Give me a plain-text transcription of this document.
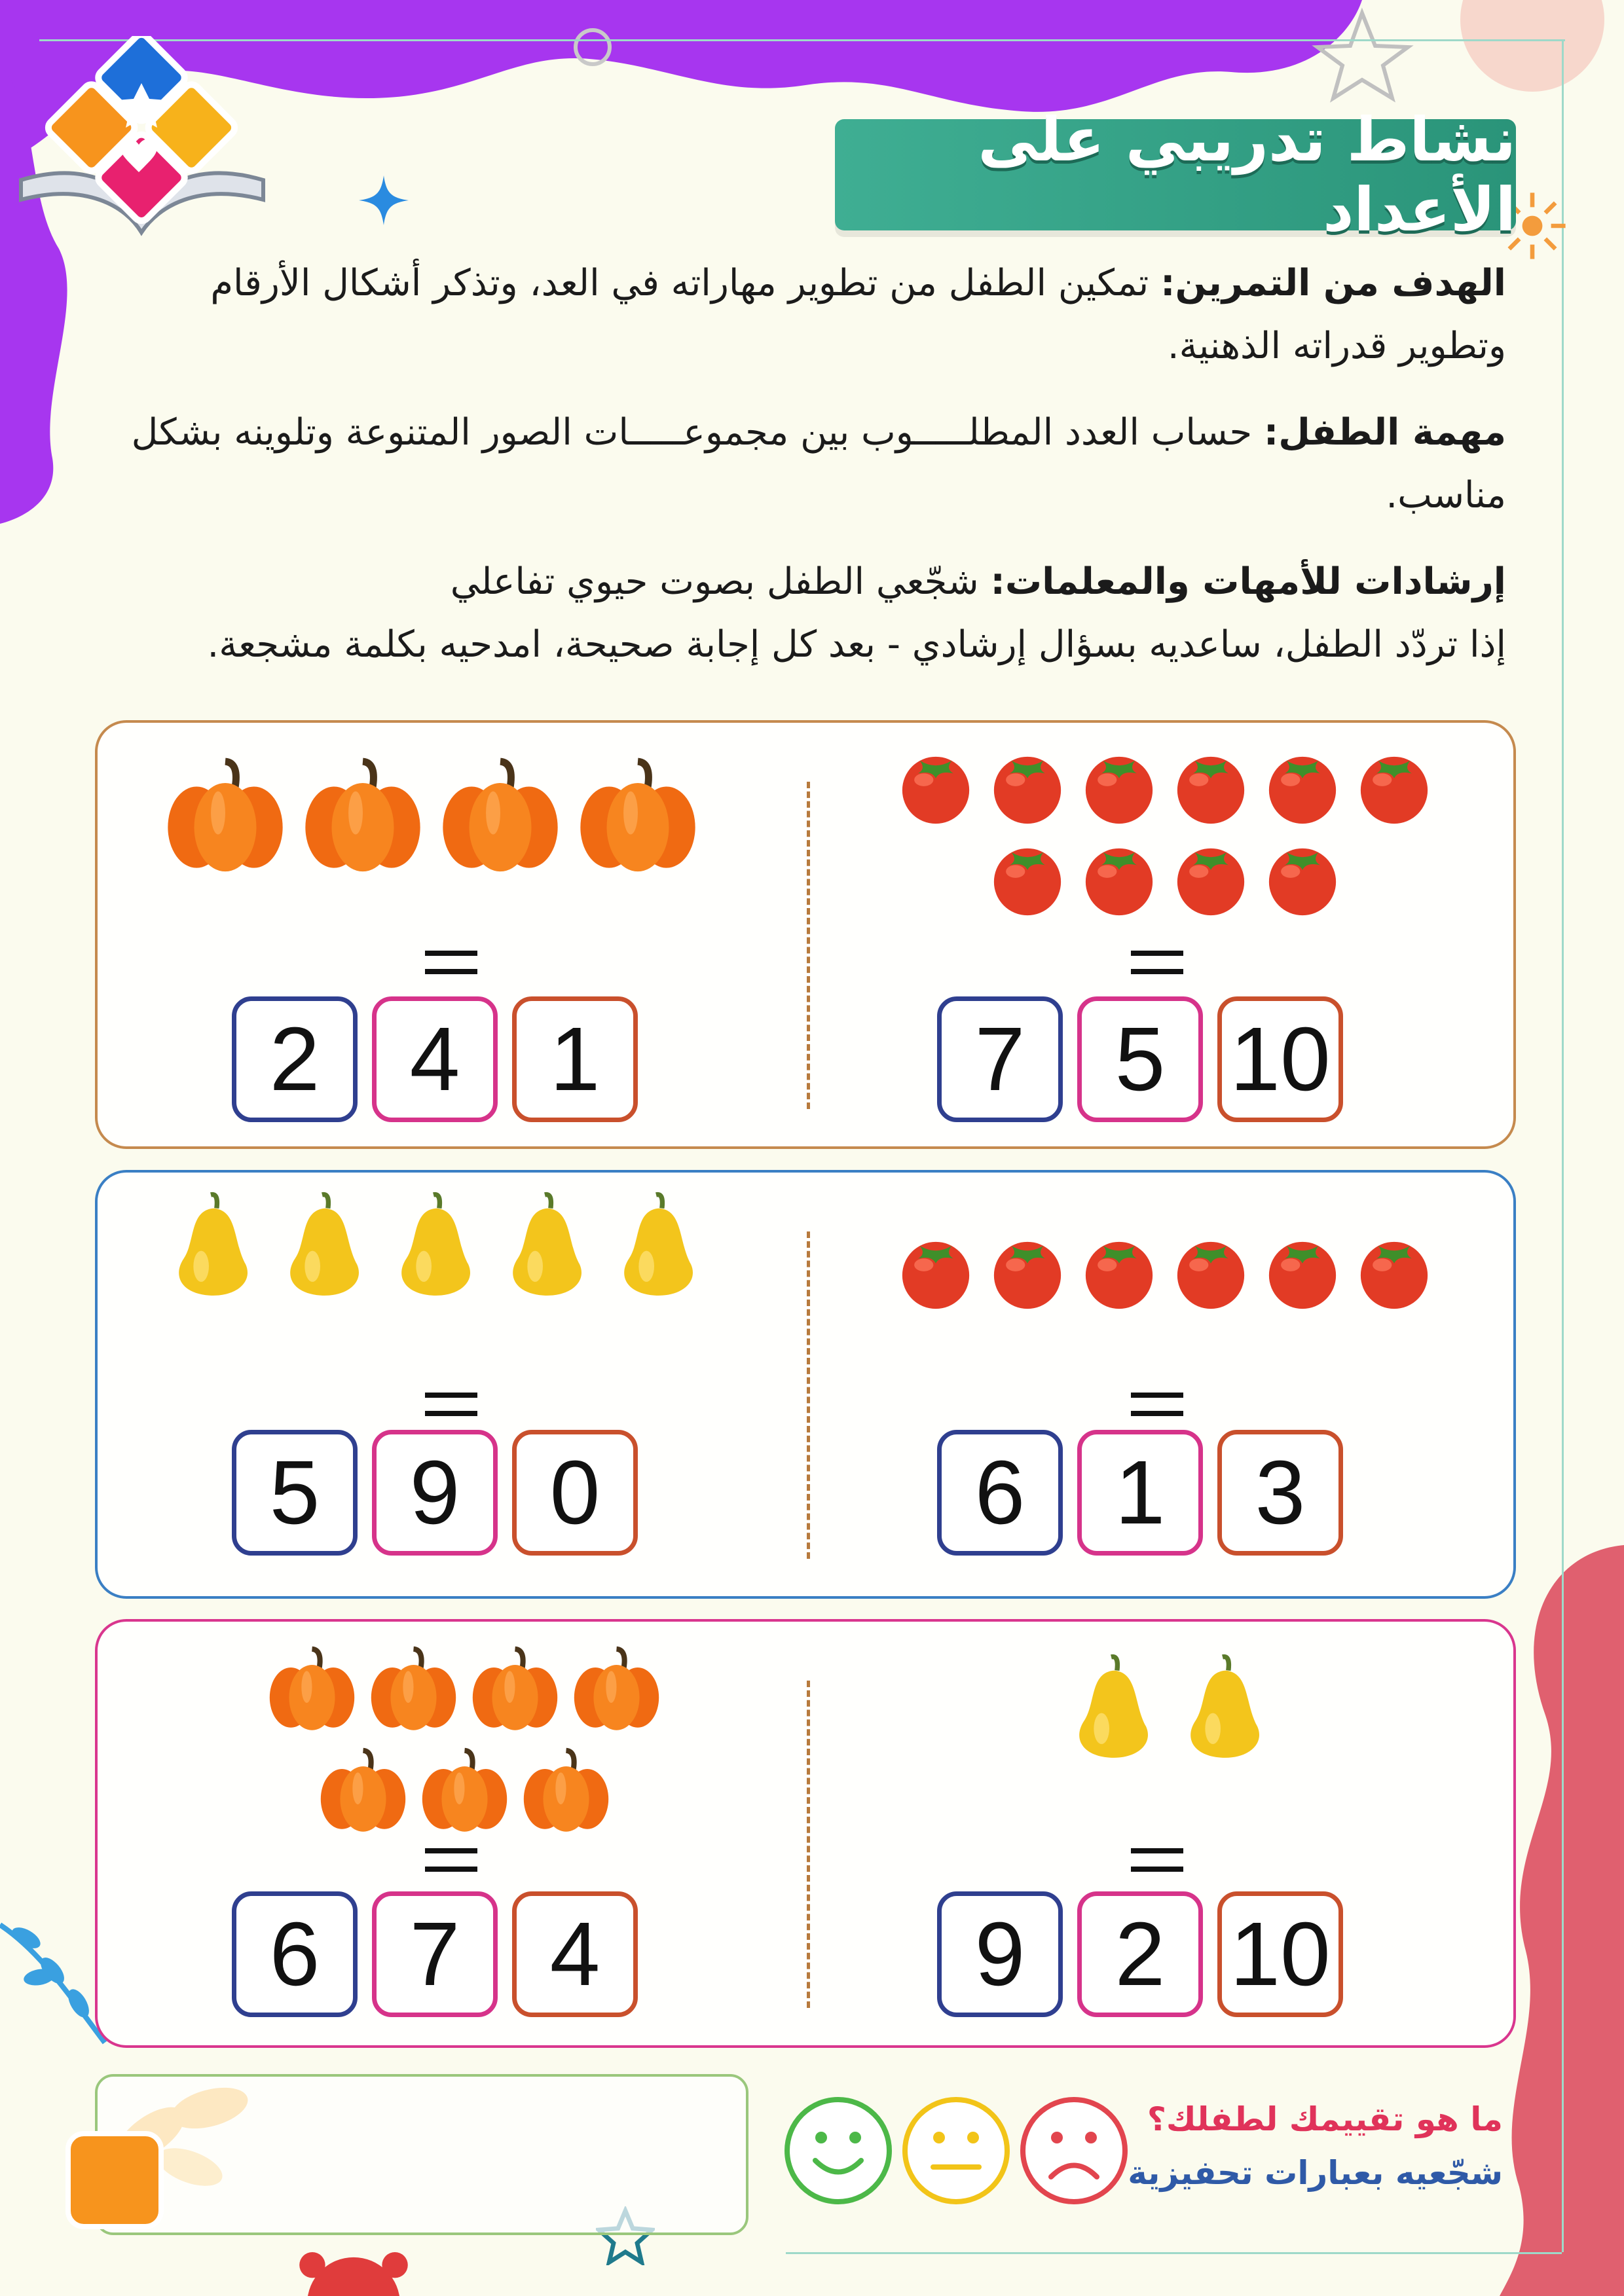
نشاط تدريبي على الأعداد

الهدف من التمرين: تمكين الطفل من تطوير مهاراته في العد، وتذكر أشكال الأرقام وتطوير قدراته الذهنية.

مهمة الطفل: حساب العدد المطلـــــوب بين مجموعـــــات الصور المتنوعة وتلوينه بشكل مناسب.

إرشادات للأمهات والمعلمات: شجّعي الطفل بصوت حيوي تفاعلي
إذا تردّد الطفل، ساعديه بسؤال إرشادي - بعد كل إجابة صحيحة، امدحيه بكلمة مشجعة.

7 5 10
2 4 1
6 1 3
5 9 0
9 2 10
6 7 4
ما هو تقييمك لطفلك؟
شجّعيه بعبارات تحفيزية
